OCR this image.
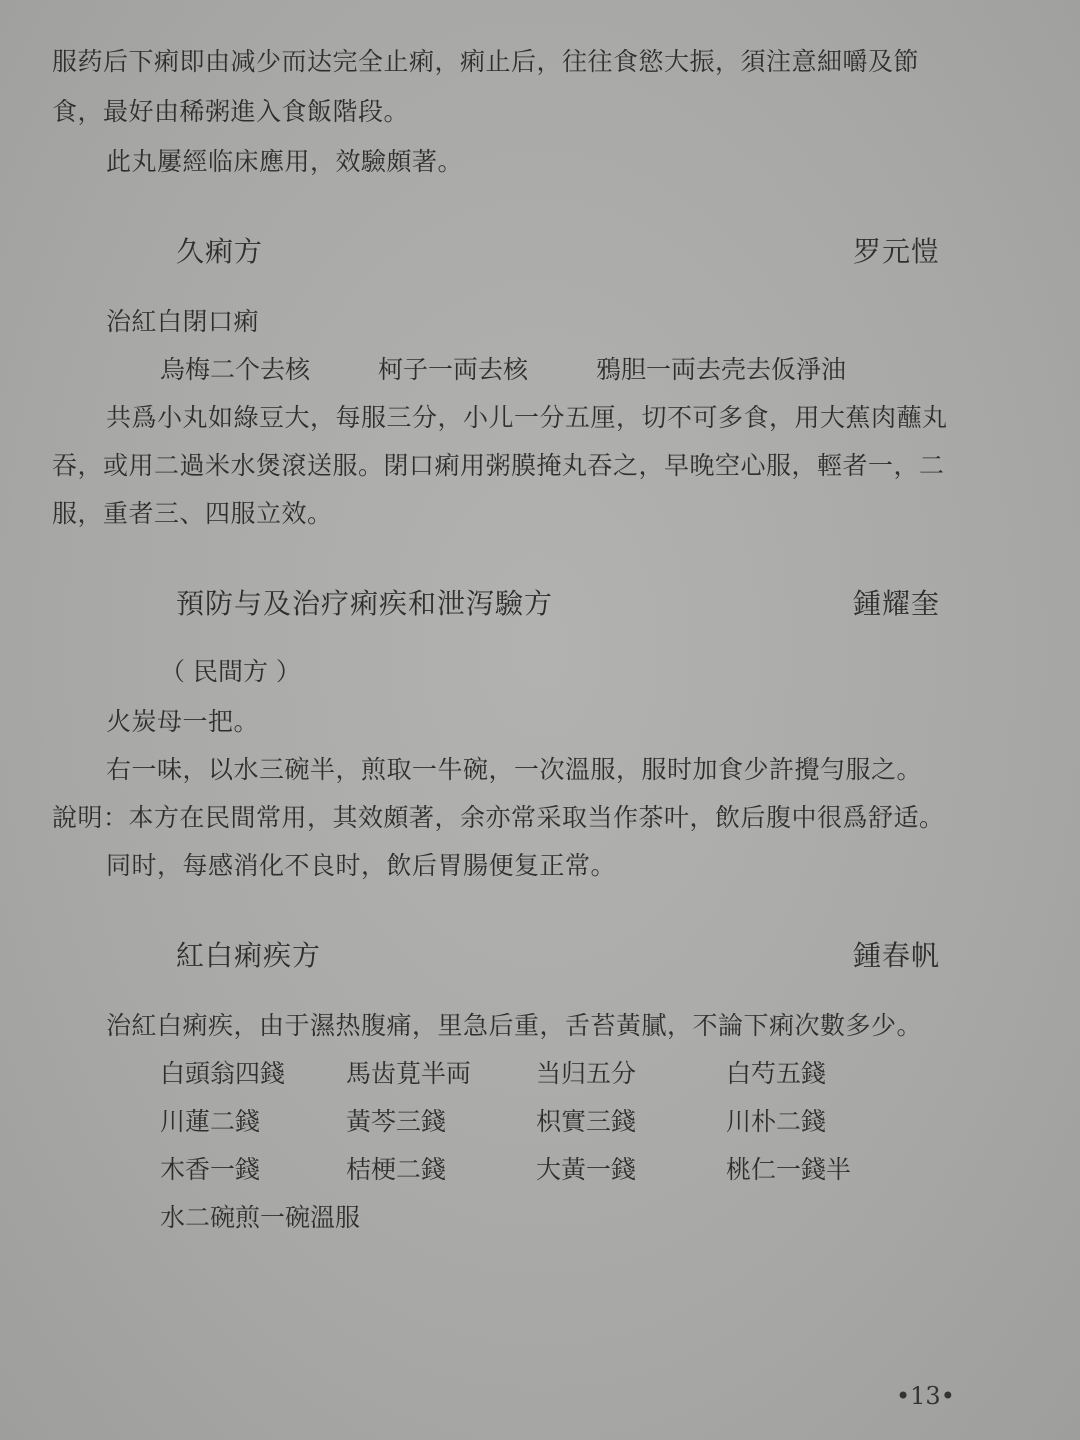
服药后下痢即由减少而达完全止痢，痢止后，往往食慾大振，須注意細嚼及節
食，最好由稀粥進入食飯階段。
此丸屢經临床應用，效驗頗著。
久痢方	罗元愷
治紅白閉口痢
烏梅二个去核	柯子一両去核	鴉胆一両去壳去仮淨油
共爲小丸如綠豆大，每服三分，小儿一分五厘，切不可多食，用大蕉肉蘸丸
吞，或用二過米水煲滾送服。閉口痢用粥膜掩丸吞之，早晚空心服，輕者一，二
服，重者三、四服立效。
預防与及治疗痢疾和泄泻驗方	鍾耀奎
（ 民間方 ）
火炭母一把。
右一味，以水三碗半，煎取一牛碗，一次溫服，服时加食少許攪勻服之。
說明：本方在民間常用，其效頗著，余亦常采取当作茶叶，飲后腹中很爲舒适。
同时，每感消化不良时，飲后胃腸便复正常。
紅白痢疾方	鍾春帆
治紅白痢疾，由于濕热腹痛，里急后重，舌苔黃膩，不論下痢次數多少。
白頭翁四錢 馬齿莧半両	当归五分	白芍五錢
川蓮二錢	黃芩三錢	枳實三錢	川朴二錢
木香一錢	桔梗二錢	大黃一錢	桃仁一錢半
水二碗煎一碗溫服
•13•
